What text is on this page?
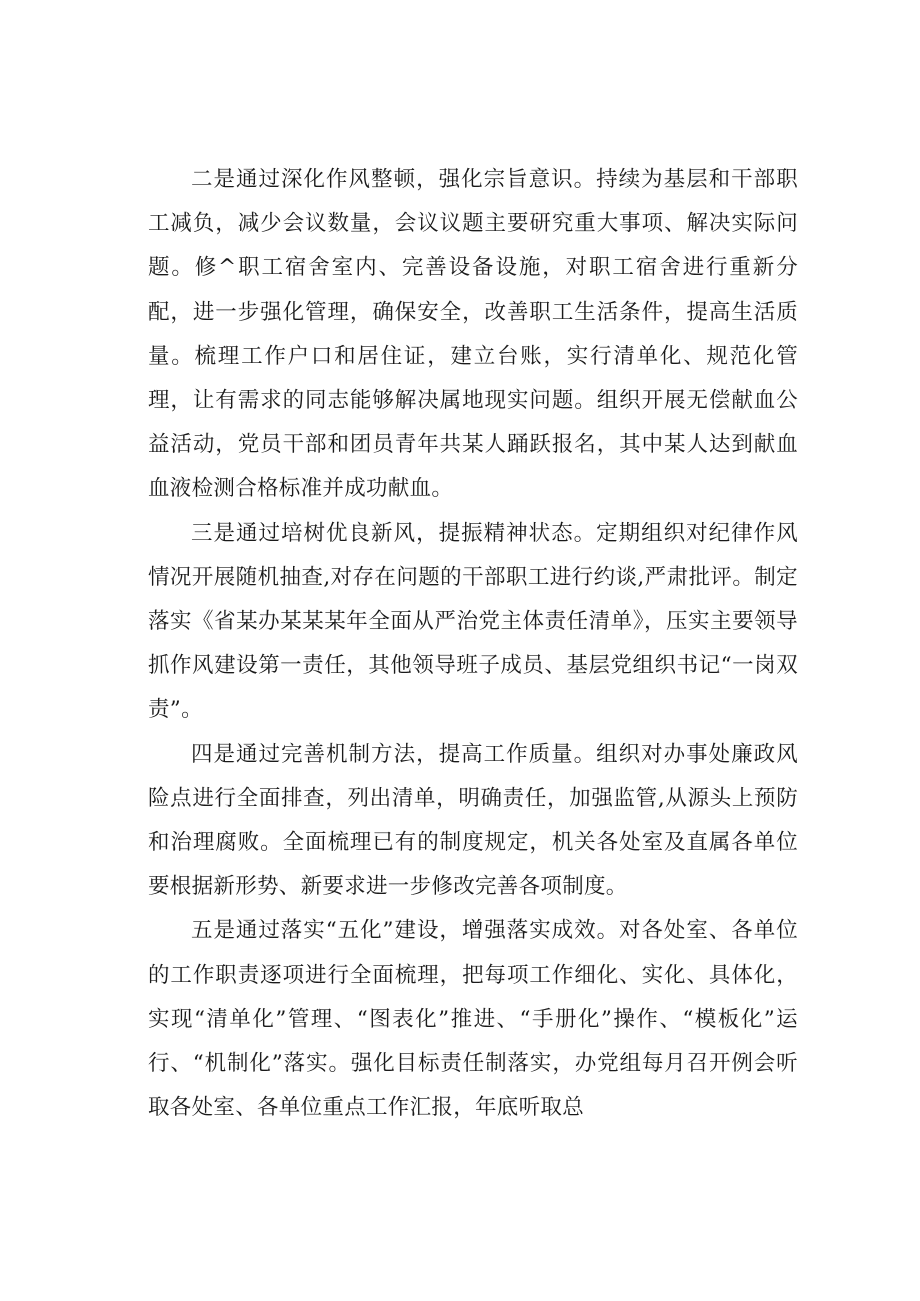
二是通过深化作风整顿，强化宗旨意识。持续为基层和干部职工减负，减少会议数量，会议议题主要研究重大事项、解决实际问题。修^职工宿舍室内、完善设备设施，对职工宿舍进行重新分配，进一步强化管理，确保安全，改善职工生活条件，提高生活质量。梳理工作户口和居住证，建立台账，实行清单化、规范化管理，让有需求的同志能够解决属地现实问题。组织开展无偿献血公益活动，党员干部和团员青年共某人踊跃报名，其中某人达到献血血液检测合格标准并成功献血。

三是通过培树优良新风，提振精神状态。定期组织对纪律作风情况开展随机抽查,对存在问题的干部职工进行约谈,严肃批评。制定落实《省某办某某某年全面从严治党主体责任清单》，压实主要领导抓作风建设第一责任，其他领导班子成员、基层党组织书记“一岗双责”。

四是通过完善机制方法，提高工作质量。组织对办事处廉政风险点进行全面排查，列出清单，明确责任，加强监管,从源头上预防和治理腐败。全面梳理已有的制度规定，机关各处室及直属各单位要根据新形势、新要求进一步修改完善各项制度。

五是通过落实“五化”建设，增强落实成效。对各处室、各单位的工作职责逐项进行全面梳理，把每项工作细化、实化、具体化，实现“清单化”管理、“图表化”推进、“手册化”操作、“模板化”运行、“机制化”落实。强化目标责任制落实，办党组每月召开例会听取各处室、各单位重点工作汇报，年底听取总
